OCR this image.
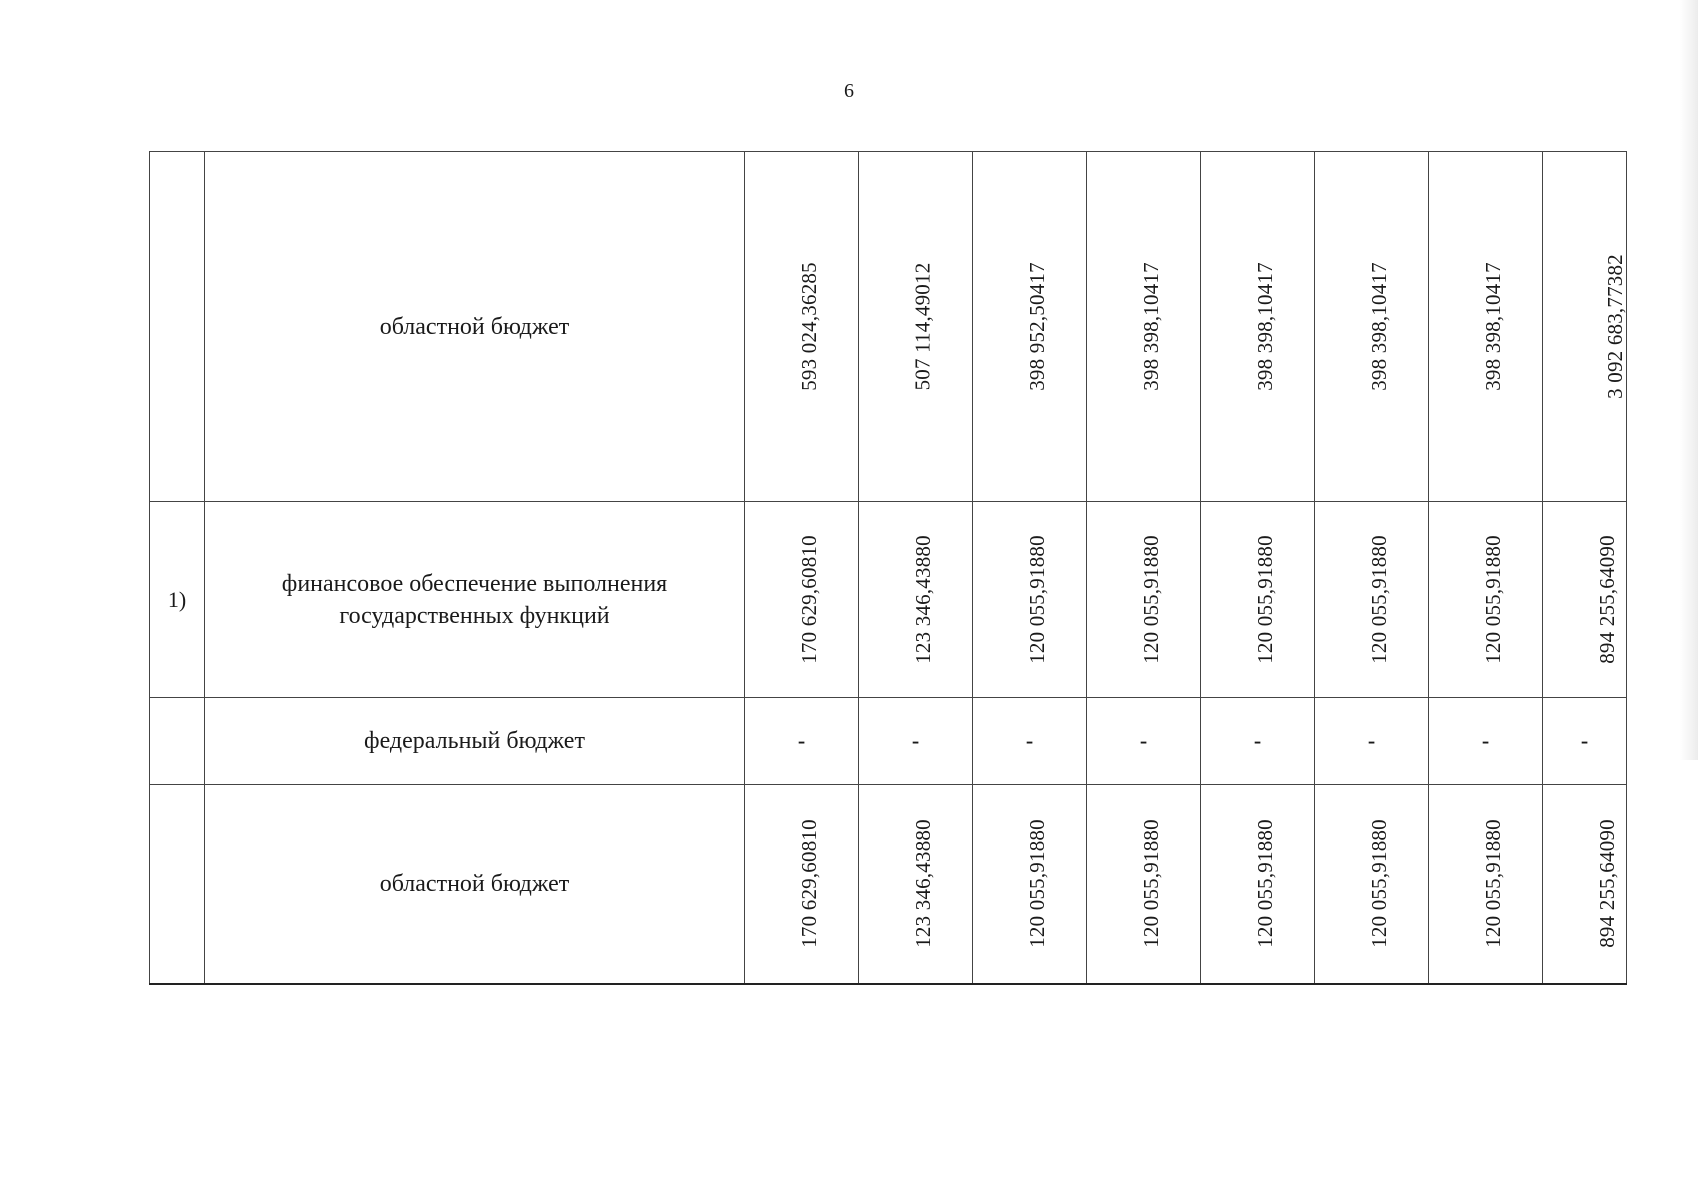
6
	областной бюджет	593 024,36285	507 114,49012	398 952,50417	398 398,10417	398 398,10417	398 398,10417	398 398,10417	3 092 683,77382
1)	финансовое обеспечение выполнения государственных функций	170 629,60810	123 346,43880	120 055,91880	120 055,91880	120 055,91880	120 055,91880	120 055,91880	894 255,64090
	федеральный бюджет	-	-	-	-	-	-	-	-
	областной бюджет	170 629,60810	123 346,43880	120 055,91880	120 055,91880	120 055,91880	120 055,91880	120 055,91880	894 255,64090
